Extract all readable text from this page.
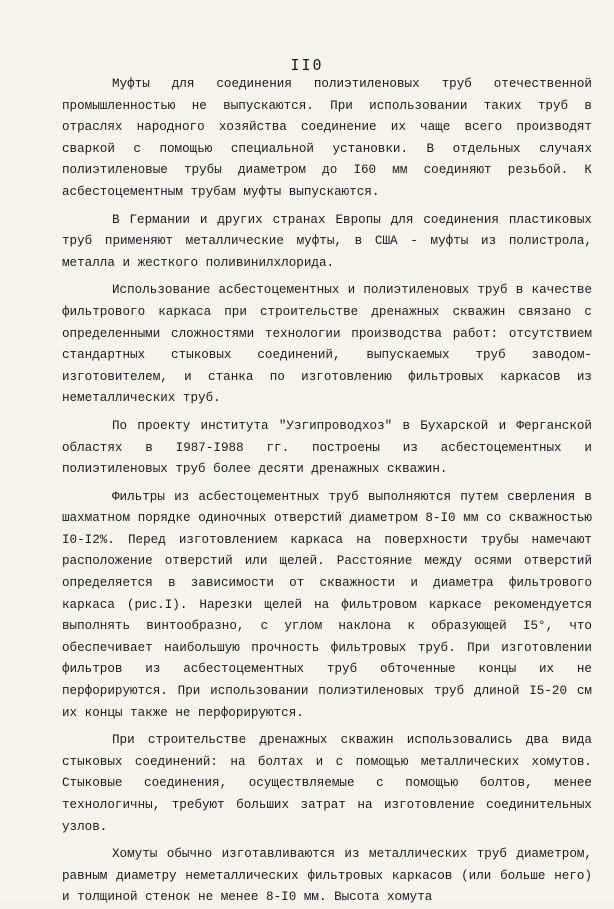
II0

Муфты для соединения полиэтиленовых труб отечественной промышленностью не выпускаются. При использовании таких труб в отраслях народного хозяйства соединение их чаще всего производят сваркой с помощью специальной установки. В отдельных случаях полиэтиленовые трубы диаметром до I60 мм соединяют резьбой. К асбестоцементным трубам муфты выпускаются.

В Германии и других странах Европы для соединения пластиковых труб применяют металлические муфты, в США - муфты из полистрола, металла и жесткого поливинилхлорида.

Использование асбестоцементных и полиэтиленовых труб в качестве фильтрового каркаса при строительстве дренажных скважин связано с определенными сложностями технологии производства работ: отсутствием стандартных стыковых соединений, выпускаемых труб заводом-изготовителем, и станка по изготовлению фильтровых каркасов из неметаллических труб.

По проекту института "Узгипроводхоз" в Бухарской и Ферганской областях в I987-I988 гг. построены из асбестоцементных и полиэтиленовых труб более десяти дренажных скважин.

Фильтры из асбестоцементных труб выполняются путем сверления в шахматном порядке одиночных отверстий диаметром 8-I0 мм со скважностью I0-I2%. Перед изготовлением каркаса на поверхности трубы намечают расположение отверстий или щелей. Расстояние между осями отверстий определяется в зависимости от скважности и диаметра фильтрового каркаса (рис.I). Нарезки щелей на фильтровом каркасе рекомендуется выполнять винтообразно, с углом наклона к образующей I5°, что обеспечивает наибольшую прочность фильтровых труб. При изготовлении фильтров из асбестоцементных труб обточенные концы их не перфорируются. При использовании полиэтиленовых труб длиной I5-20 см их концы также не перфорируются.

При строительстве дренажных скважин использовались два вида стыковых соединений: на болтах и с помощью металлических хомутов. Стыковые соединения, осуществляемые с помощью болтов, менее технологичны, требуют больших затрат на изготовление соединительных узлов.

Хомуты обычно изготавливаются из металлических труб диаметром, равным диаметру неметаллических фильтровых каркасов (или больше него) и толщиной стенок не менее 8-I0 мм. Высота хомута
